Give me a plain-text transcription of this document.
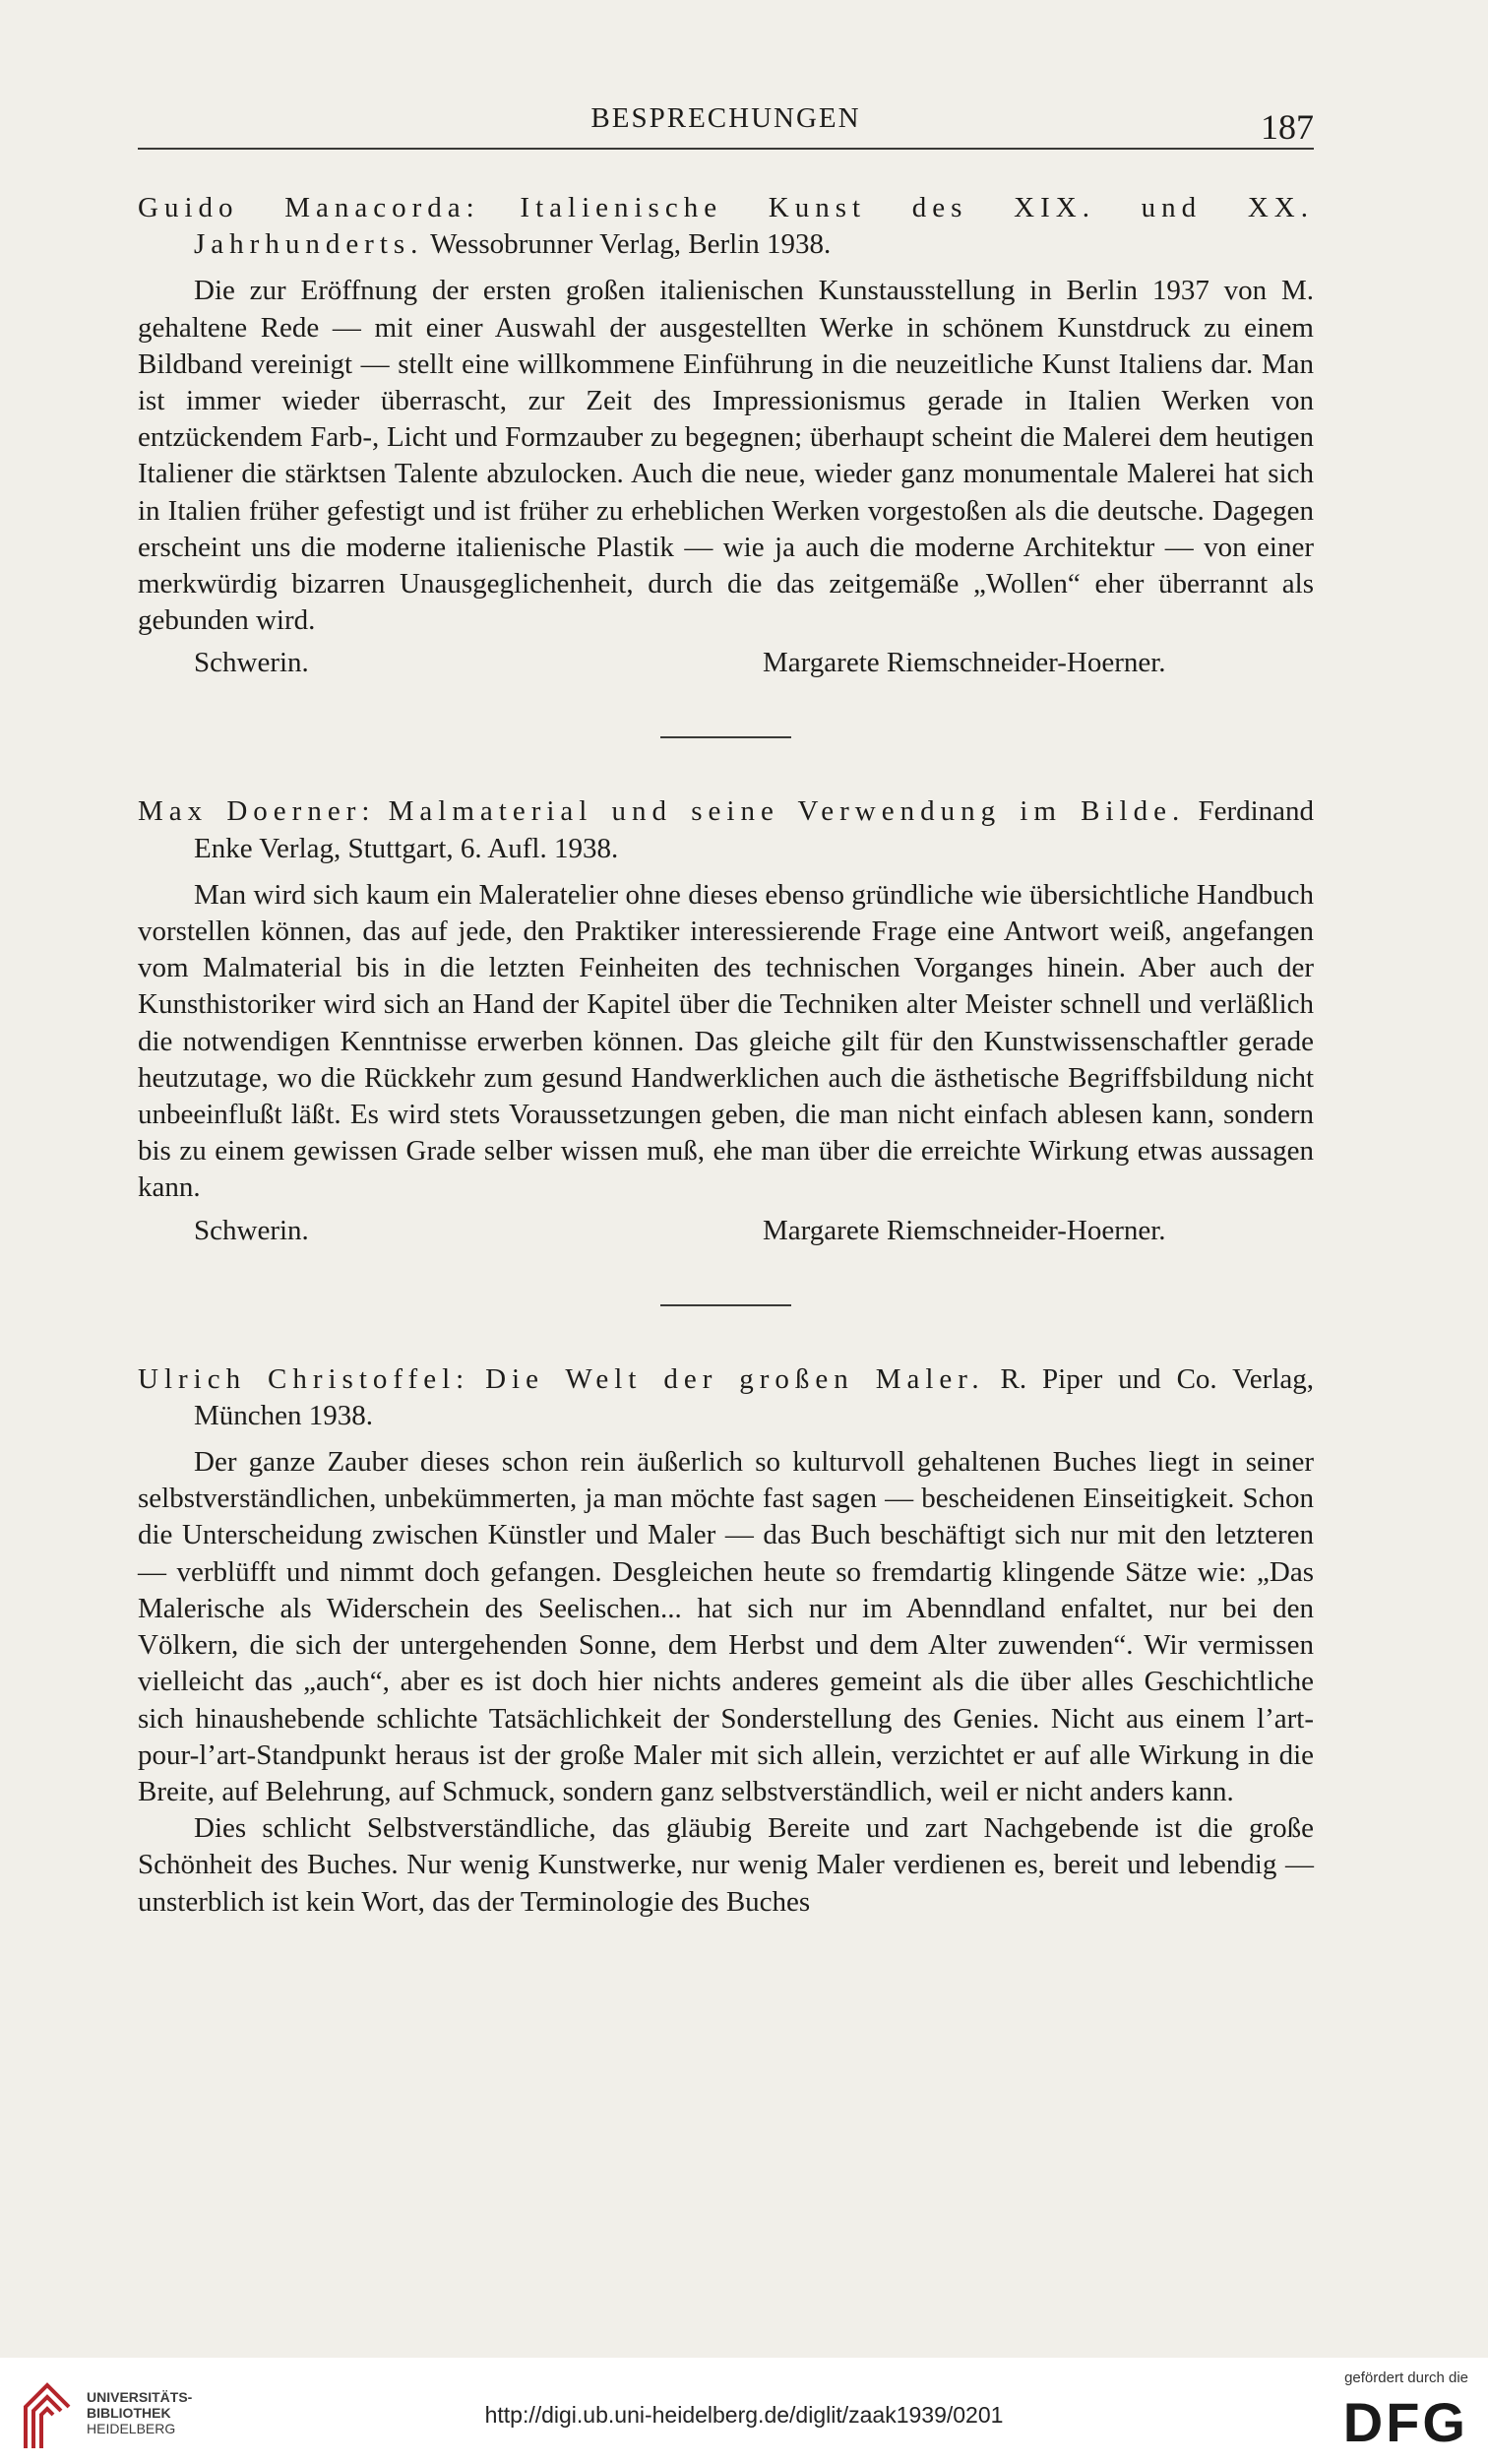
BESPRECHUNGEN	187

Guido Manacorda: Italienische Kunst des XIX. und XX. Jahrhunderts. Wessobrunner Verlag, Berlin 1938.

Die zur Eröffnung der ersten großen italienischen Kunstausstellung in Berlin 1937 von M. gehaltene Rede — mit einer Auswahl der ausgestellten Werke in schönem Kunstdruck zu einem Bildband vereinigt — stellt eine willkommene Einführung in die neuzeitliche Kunst Italiens dar. Man ist immer wieder überrascht, zur Zeit des Impressionismus gerade in Italien Werken von entzückendem Farb-, Licht und Formzauber zu begegnen; überhaupt scheint die Malerei dem heutigen Italiener die stärktsen Talente abzulocken. Auch die neue, wieder ganz monumentale Malerei hat sich in Italien früher gefestigt und ist früher zu erheblichen Werken vorgestoßen als die deutsche. Dagegen erscheint uns die moderne italienische Plastik — wie ja auch die moderne Architektur — von einer merkwürdig bizarren Unausgeglichenheit, durch die das zeitgemäße „Wollen“ eher überrannt als gebunden wird.

Schwerin.	Margarete Riemschneider-Hoerner.

Max Doerner: Malmaterial und seine Verwendung im Bilde. Ferdinand Enke Verlag, Stuttgart, 6. Aufl. 1938.

Man wird sich kaum ein Maleratelier ohne dieses ebenso gründliche wie übersichtliche Handbuch vorstellen können, das auf jede, den Praktiker interessierende Frage eine Antwort weiß, angefangen vom Malmaterial bis in die letzten Feinheiten des technischen Vorganges hinein. Aber auch der Kunsthistoriker wird sich an Hand der Kapitel über die Techniken alter Meister schnell und verläßlich die notwendigen Kenntnisse erwerben können. Das gleiche gilt für den Kunstwissenschaftler gerade heutzutage, wo die Rückkehr zum gesund Handwerklichen auch die ästhetische Begriffsbildung nicht unbeeinflußt läßt. Es wird stets Voraussetzungen geben, die man nicht einfach ablesen kann, sondern bis zu einem gewissen Grade selber wissen muß, ehe man über die erreichte Wirkung etwas aussagen kann.

Schwerin.	Margarete Riemschneider-Hoerner.

Ulrich Christoffel: Die Welt der großen Maler. R. Piper und Co. Verlag, München 1938.

Der ganze Zauber dieses schon rein äußerlich so kulturvoll gehaltenen Buches liegt in seiner selbstverständlichen, unbekümmerten, ja man möchte fast sagen — bescheidenen Einseitigkeit. Schon die Unterscheidung zwischen Künstler und Maler — das Buch beschäftigt sich nur mit den letzteren — verblüfft und nimmt doch gefangen. Desgleichen heute so fremdartig klingende Sätze wie: „Das Malerische als Widerschein des Seelischen... hat sich nur im Abenndland enfaltet, nur bei den Völkern, die sich der untergehenden Sonne, dem Herbst und dem Alter zuwenden“. Wir vermissen vielleicht das „auch“, aber es ist doch hier nichts anderes gemeint als die über alles Geschichtliche sich hinaushebende schlichte Tatsächlichkeit der Sonderstellung des Genies. Nicht aus einem l’art-pour-l’art-Standpunkt heraus ist der große Maler mit sich allein, verzichtet er auf alle Wirkung in die Breite, auf Belehrung, auf Schmuck, sondern ganz selbstverständlich, weil er nicht anders kann.

Dies schlicht Selbstverständliche, das gläubig Bereite und zart Nachgebende ist die große Schönheit des Buches. Nur wenig Kunstwerke, nur wenig Maler verdienen es, bereit und lebendig — unsterblich ist kein Wort, das der Terminologie des Buches

UNIVERSITÄTS-
BIBLIOTHEK
HEIDELBERG
http://digi.ub.uni-heidelberg.de/diglit/zaak1939/0201
gefördert durch die
DFG
